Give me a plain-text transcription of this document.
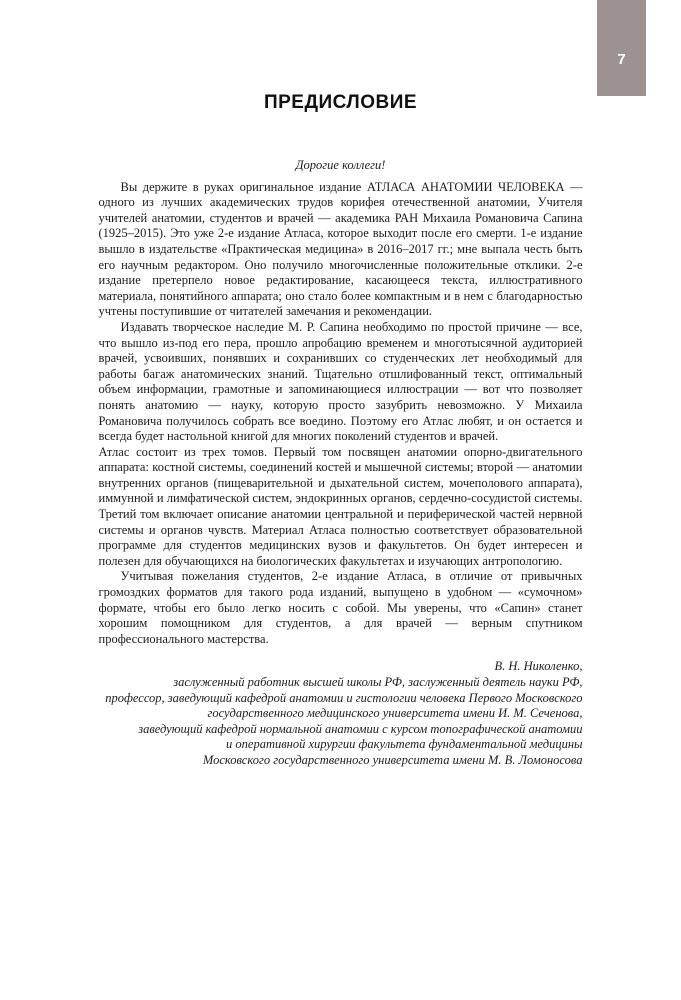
7
ПРЕДИСЛОВИЕ

Дорогие коллеги!

Вы держите в руках оригинальное издание АТЛАСА АНАТОМИИ ЧЕЛОВЕКА — одного из лучших академических трудов корифея отечественной анатомии, Учителя учителей анатомии, студентов и врачей — академика РАН Михаила Романовича Сапина (1925–2015). Это уже 2-е издание Атласа, которое выходит после его смерти. 1-е издание вышло в издательстве «Практическая медицина» в 2016–2017 гг.; мне выпала честь быть его научным редактором. Оно получило многочисленные положительные отклики. 2-е издание претерпело новое редактирование, касающееся текста, иллюстративного материала, понятийного аппарата; оно стало более компактным и в нем с благодарностью учтены поступившие от читателей замечания и рекомендации.

Издавать творческое наследие М. Р. Сапина необходимо по простой причине — все, что вышло из-под его пера, прошло апробацию временем и многотысячной аудиторией врачей, усвоивших, понявших и сохранивших со студенческих лет необходимый для работы багаж анатомических знаний. Тщательно отшлифованный текст, оптимальный объем информации, грамотные и запоминающиеся иллюстрации — вот что позволяет понять анатомию — науку, которую просто зазубрить невозможно. У Михаила Романовича получилось собрать все воедино. Поэтому его Атлас любят, и он остается и всегда будет настольной книгой для многих поколений студентов и врачей.

Атлас состоит из трех томов. Первый том посвящен анатомии опорно-двигательного аппарата: костной системы, соединений костей и мышечной системы; второй — анатомии внутренних органов (пищеварительной и дыхательной систем, мочеполового аппарата), иммунной и лимфатической систем, эндокринных органов, сердечно-сосудистой системы. Третий том включает описание анатомии центральной и периферической частей нервной системы и органов чувств. Материал Атласа полностью соответствует образовательной программе для студентов медицинских вузов и факультетов. Он будет интересен и полезен для обучающихся на биологических факультетах и изучающих антропологию.

Учитывая пожелания студентов, 2-е издание Атласа, в отличие от привычных громоздких форматов для такого рода изданий, выпущено в удобном — «сумочном» формате, чтобы его было легко носить с собой. Мы уверены, что «Сапин» станет хорошим помощником для студентов, а для врачей — верным спутником профессионального мастерства.

В. Н. Николенко,
заслуженный работник высшей школы РФ, заслуженный деятель науки РФ,
профессор, заведующий кафедрой анатомии и гистологии человека Первого Московского
государственного медицинского университета имени И. М. Сеченова,
заведующий кафедрой нормальной анатомии с курсом топографической анатомии
и оперативной хирургии факультета фундаментальной медицины
Московского государственного университета имени М. В. Ломоносова
